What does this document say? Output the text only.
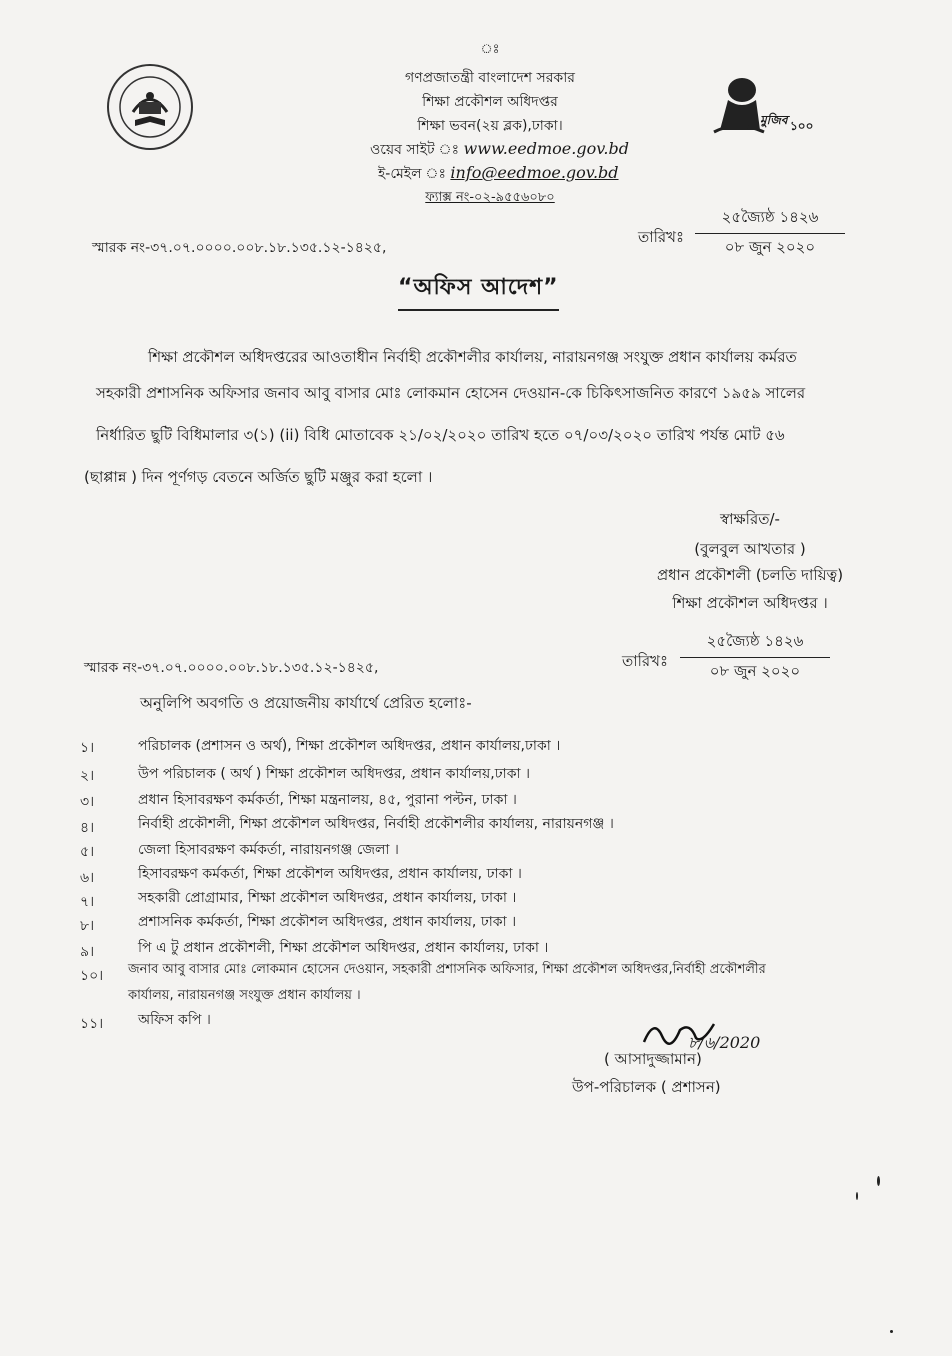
মুজিব ১০০
ঃ
গণপ্রজাতন্ত্রী বাংলাদেশ সরকার
শিক্ষা প্রকৌশল অধিদপ্তর
শিক্ষা ভবন(২য় ব্লক),ঢাকা।
ওয়েব সাইট ঃ www.eedmoe.gov.bd
ই-মেইল ঃ info@eedmoe.gov.bd
ফ্যাক্স নং-০২-৯৫৫৬০৮০
স্মারক নং-৩৭.০৭.০০০০.০০৮.১৮.১৩৫.১২-১৪২৫,
তারিখঃ
২৫জ্যৈষ্ঠ ১৪২৬
০৮ জুন ২০২০
“অফিস আদেশ”
শিক্ষা প্রকৌশল অধিদপ্তরের আওতাধীন নির্বাহী প্রকৌশলীর কার্যালয়, নারায়নগঞ্জ সংযুক্ত প্রধান কার্যালয় কর্মরত
সহকারী প্রশাসনিক অফিসার জনাব আবু বাসার মোঃ লোকমান হোসেন দেওয়ান-কে চিকিৎসাজনিত কারণে ১৯৫৯ সালের
নির্ধারিত ছুটি বিধিমালার ৩(১) (ii) বিধি মোতাবেক ২১/০২/২০২০ তারিখ হতে ০৭/০৩/২০২০ তারিখ পর্যন্ত মোট ৫৬
(ছাপ্পান্ন ) দিন পূর্ণগড় বেতনে অর্জিত ছুটি মঞ্জুর করা হলো ।
স্বাক্ষরিত/-
(বুলবুল আখতার )
প্রধান প্রকৌশলী (চলতি দায়িত্ব)
শিক্ষা প্রকৌশল অধিদপ্তর ।
স্মারক নং-৩৭.০৭.০০০০.০০৮.১৮.১৩৫.১২-১৪২৫,	তারিখঃ
২৫জ্যৈষ্ঠ ১৪২৬
০৮ জুন ২০২০
অনুলিপি অবগতি ও প্রয়োজনীয় কার্যার্থে প্রেরিত হলোঃ-
১।	পরিচালক (প্রশাসন ও অর্থ), শিক্ষা প্রকৌশল অধিদপ্তর, প্রধান কার্যালয়,ঢাকা ।
২।	উপ পরিচালক ( অর্থ ) শিক্ষা প্রকৌশল অধিদপ্তর, প্রধান কার্যালয়,ঢাকা ।
৩।	প্রধান হিসাবরক্ষণ কর্মকর্তা, শিক্ষা মন্ত্রনালয়, ৪৫, পুরানা পল্টন, ঢাকা ।
৪।	নির্বাহী প্রকৌশলী, শিক্ষা প্রকৌশল অধিদপ্তর, নির্বাহী প্রকৌশলীর কার্যালয়, নারায়নগঞ্জ ।
৫।	জেলা হিসাবরক্ষণ কর্মকর্তা, নারায়নগঞ্জ জেলা ।
৬।	হিসাবরক্ষণ কর্মকর্তা, শিক্ষা প্রকৌশল অধিদপ্তর, প্রধান কার্যালয়, ঢাকা ।
৭।	সহকারী প্রোগ্রামার, শিক্ষা প্রকৌশল অধিদপ্তর, প্রধান কার্যালয়, ঢাকা ।
৮।	প্রশাসনিক কর্মকর্তা, শিক্ষা প্রকৌশল অধিদপ্তর, প্রধান কার্যালয়, ঢাকা ।
৯।	পি এ টু প্রধান প্রকৌশলী, শিক্ষা প্রকৌশল অধিদপ্তর, প্রধান কার্যালয়, ঢাকা ।
১০। জনাব আবু বাসার মোঃ লোকমান হোসেন দেওয়ান, সহকারী প্রশাসনিক অফিসার, শিক্ষা প্রকৌশল অধিদপ্তর,নির্বাহী প্রকৌশলীর
কার্যালয়, নারায়নগঞ্জ সংযুক্ত প্রধান কার্যালয় ।
১১। অফিস কপি ।
৮/৬/2020
( আসাদুজ্জামান)
উপ-পরিচালক ( প্রশাসন)
